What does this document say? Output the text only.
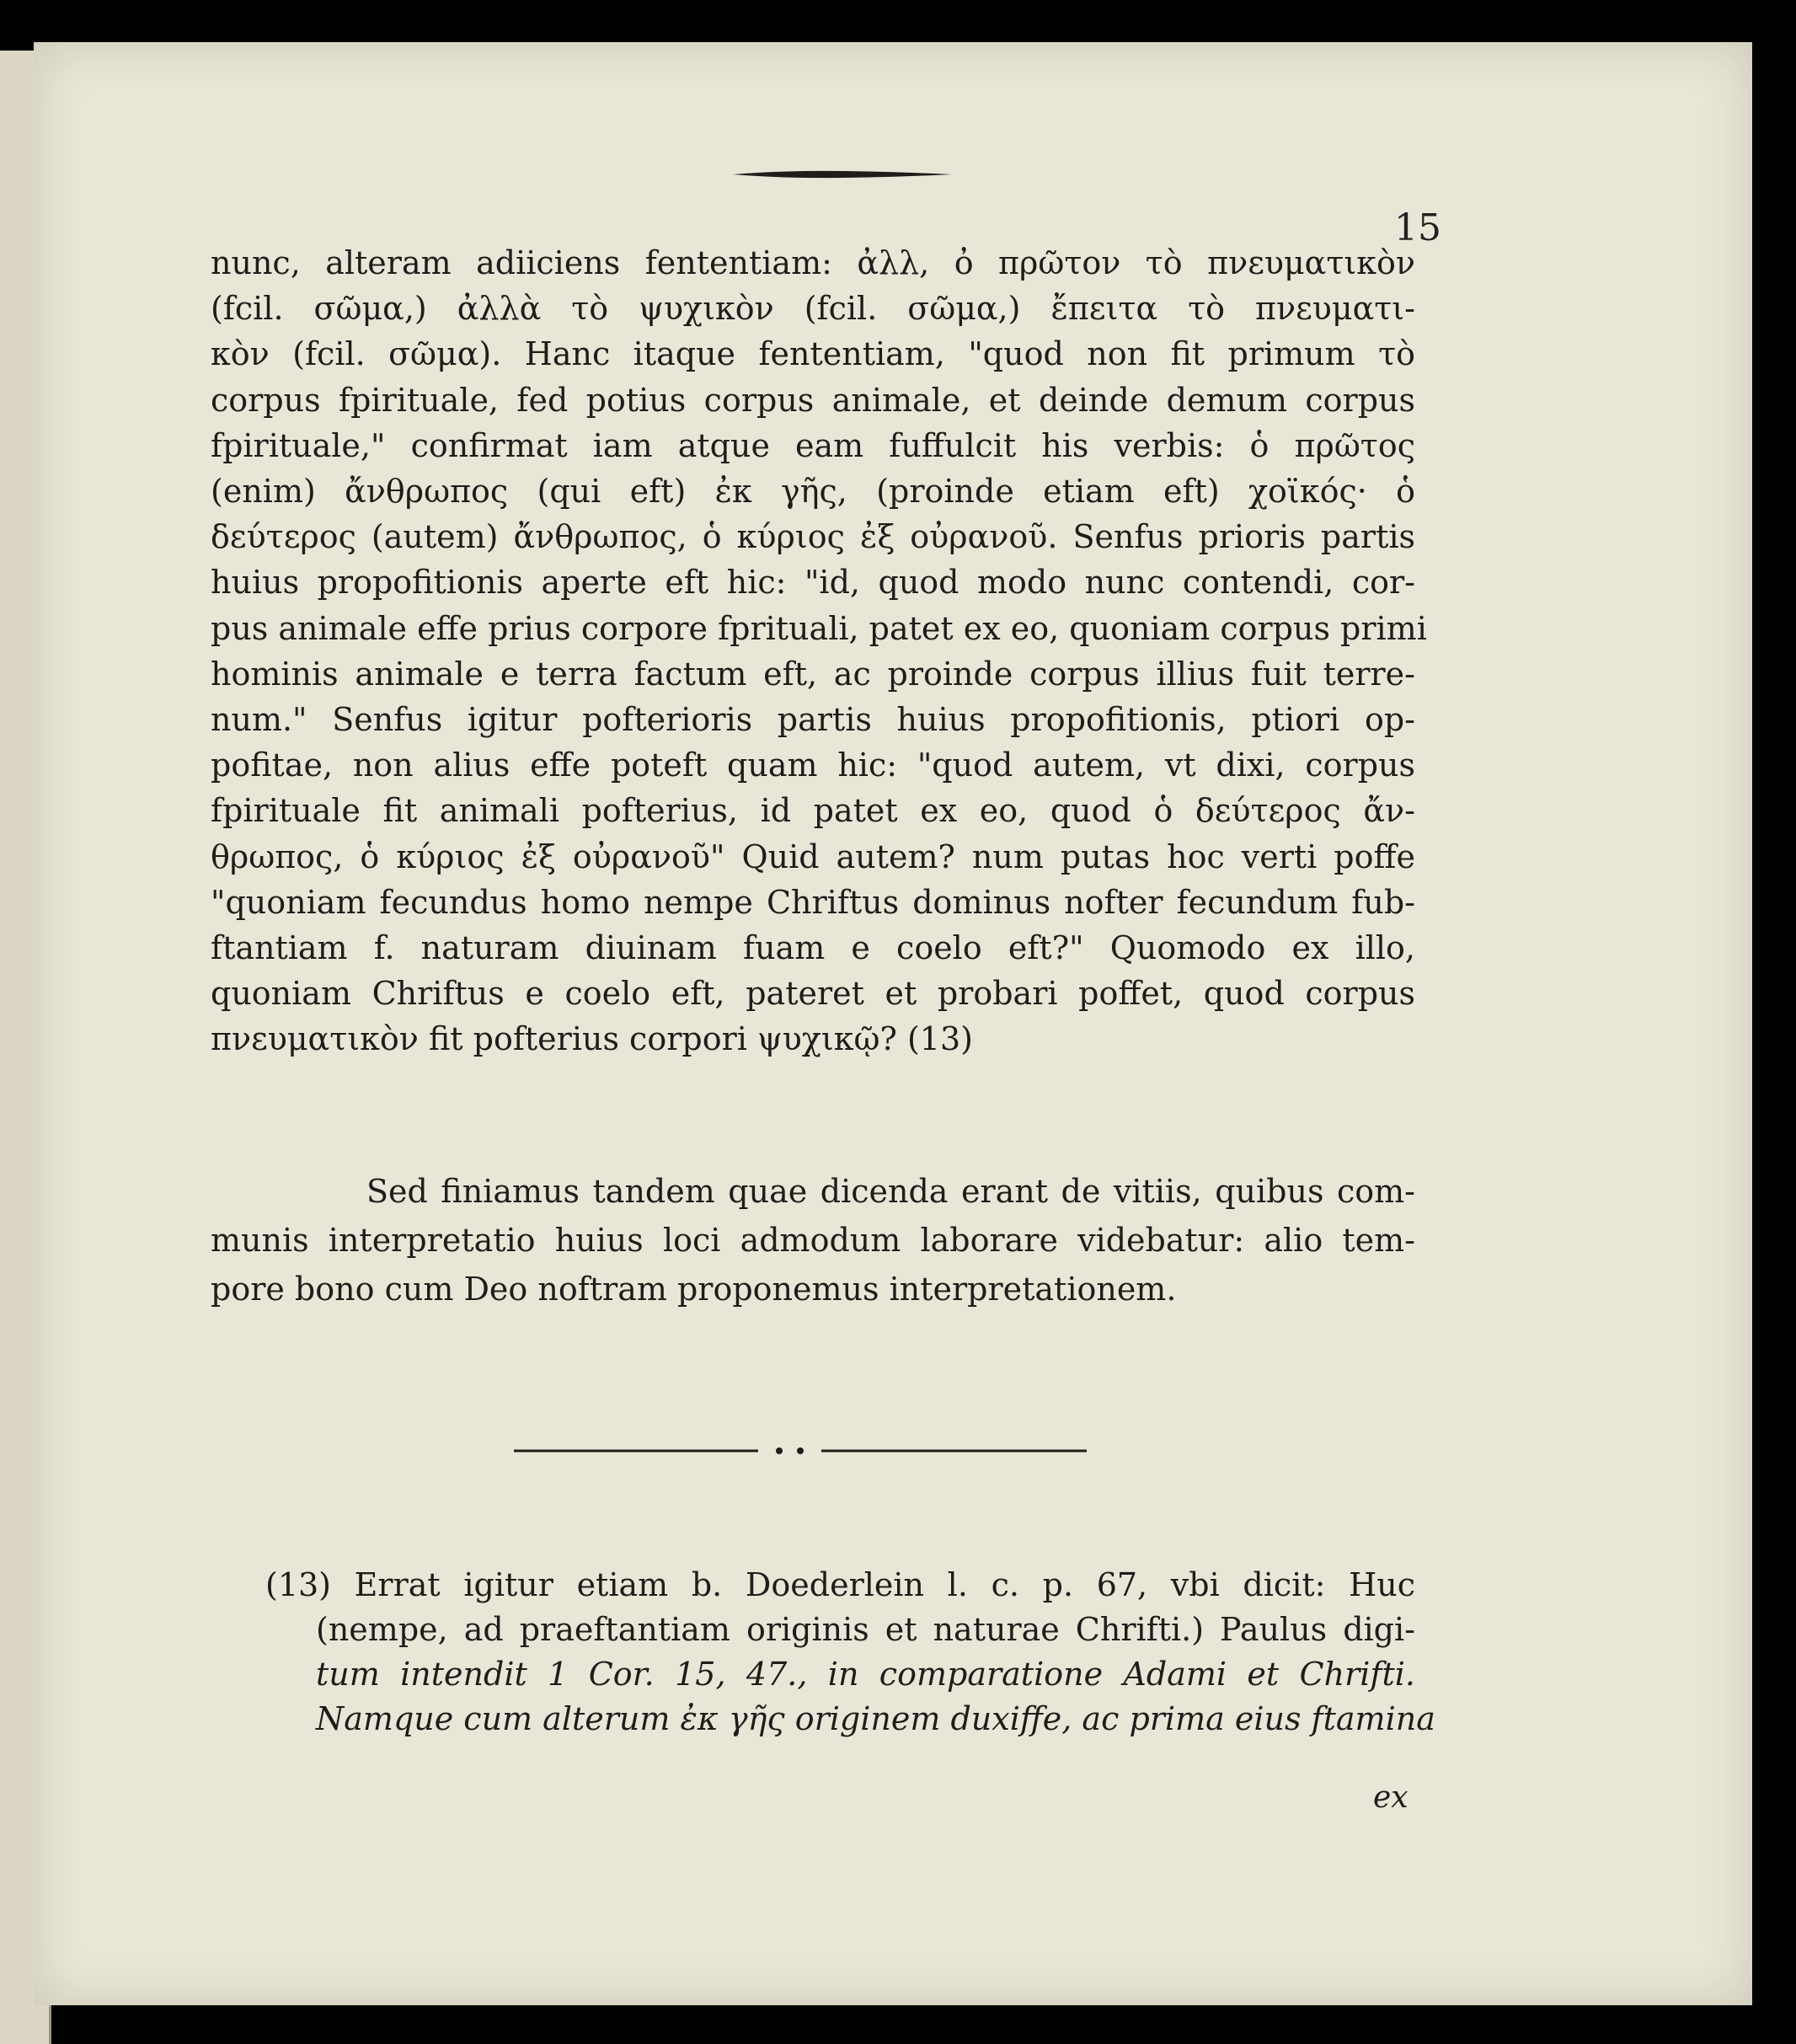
15
nunc, alteram adiiciens fententiam: ἀλλ, ὀ πρῶτον τὸ πνευματικὸν
(fcil. σῶμα,) ἀλλὰ τὸ ψυχικὸν (fcil. σῶμα,) ἔπειτα τὸ πνευματι-
κὸν (fcil. σῶμα). Hanc itaque fententiam, "quod non fit primum τὸ
corpus fpirituale, fed potius corpus animale, et deinde demum corpus
fpirituale," confirmat iam atque eam fuffulcit his verbis: ὁ πρῶτος
(enim) ἄνθρωπος (qui eft) ἐκ γῆς, (proinde etiam eft) χοϊκός· ὁ
δεύτερος (autem) ἄνθρωπος, ὁ κύριος ἐξ οὐρανοῦ. Senfus prioris partis
huius propofitionis aperte eft hic: "id, quod modo nunc contendi, cor-
pus animale effe prius corpore fprituali, patet ex eo, quoniam corpus primi
hominis animale e terra factum eft, ac proinde corpus illius fuit terre-
num." Senfus igitur pofterioris partis huius propofitionis, ptiori op-
pofitae, non alius effe poteft quam hic: "quod autem, vt dixi, corpus
fpirituale fit animali pofterius, id patet ex eo, quod ὁ δεύτερος ἄν-
θρωπος, ὁ κύριος ἐξ οὐρανοῦ" Quid autem? num putas hoc verti poffe
"quoniam fecundus homo nempe Chriftus dominus nofter fecundum fub-
ftantiam f. naturam diuinam fuam e coelo eft?" Quomodo ex illo,
quoniam Chriftus e coelo eft, pateret et probari poffet, quod corpus
πνευματικὸν fit pofterius corpori ψυχικῷ? (13)
Sed finiamus tandem quae dicenda erant de vitiis, quibus com-
munis interpretatio huius loci admodum laborare videbatur: alio tem-
pore bono cum Deo noftram proponemus interpretationem.
(13) Errat igitur etiam b. Doederlein l. c. p. 67, vbi dicit: Huc
(nempe, ad praeftantiam originis et naturae Chrifti.) Paulus digi-
tum intendit 1 Cor. 15, 47., in comparatione Adami et Chrifti.
Namque cum alterum ἐκ γῆς originem duxiffe, ac prima eius ftamina
ex
